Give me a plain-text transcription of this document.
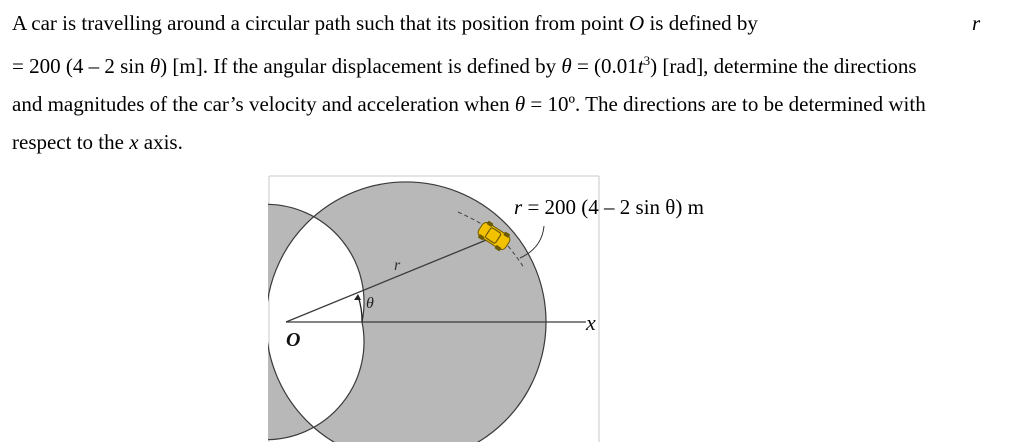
A car is travelling around a circular path such that its position from point O is defined by	r
= 200 (4 – 2 sin θ) [m]. If the angular displacement is defined by $\theta = (0.01t^3)$ [rad], determine the directions
and magnitudes of the car’s velocity and acceleration when θ = 10º. The directions are to be determined with
respect to the x axis.
r = 200 (4 – 2 sin θ) m
r
θ
O
x
